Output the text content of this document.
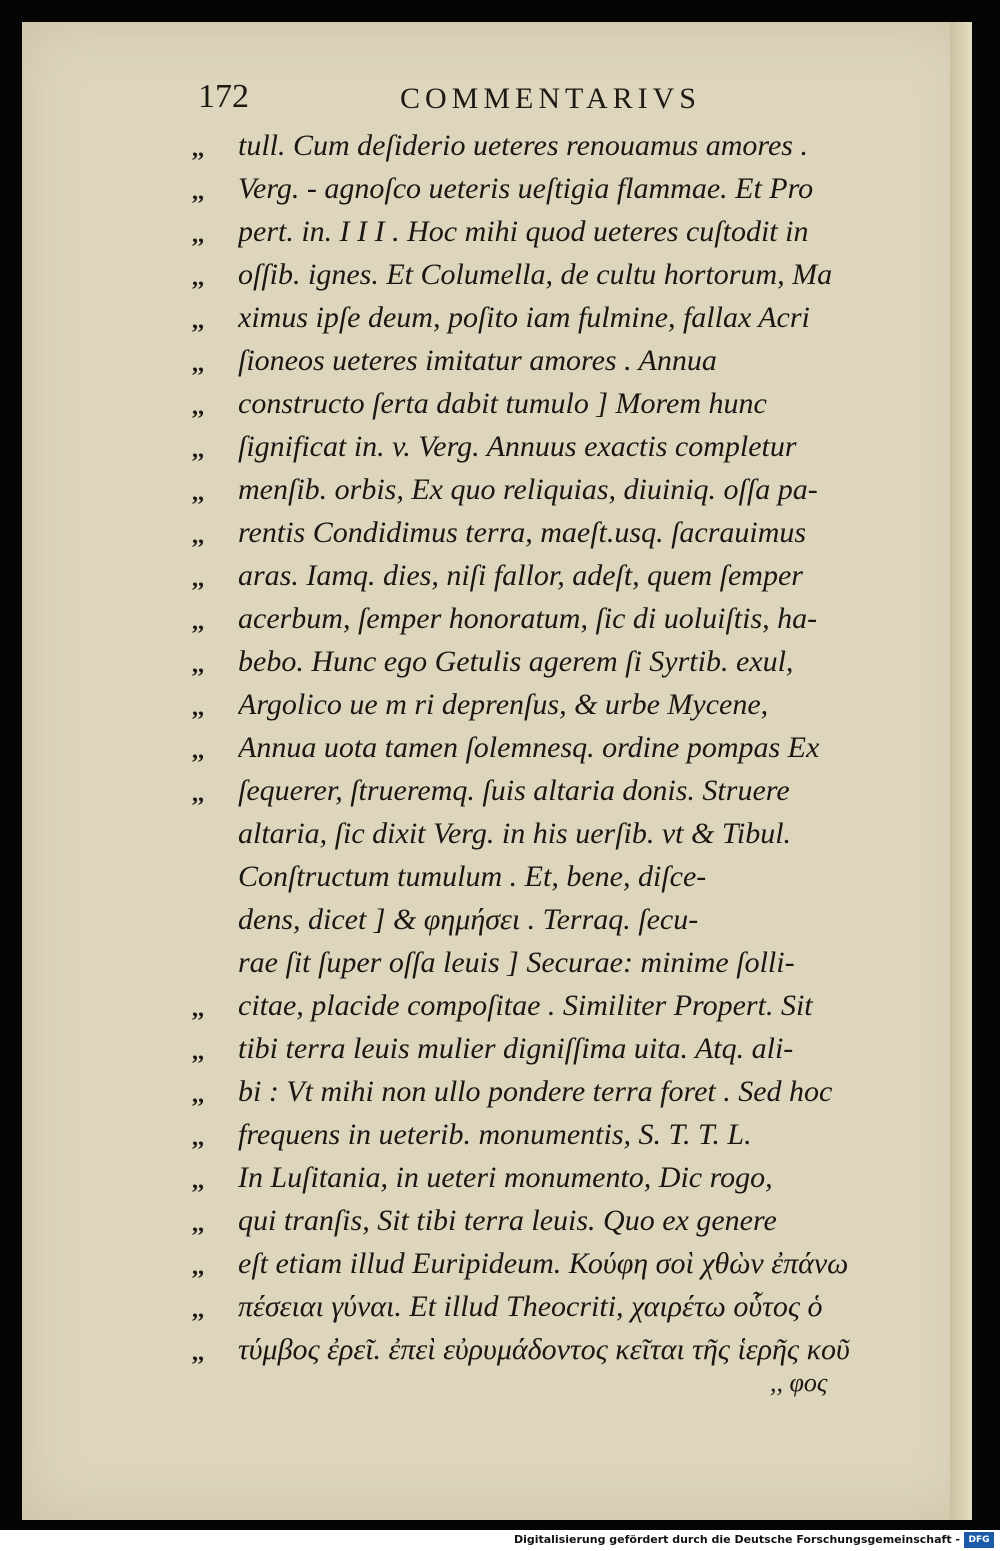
172	COMMENTARIVS
,,
,,
,,
,,
,,
,,
,,
,,
,,
,,
,,
,,
,,
,,
,,
,,
,,
,,
,,
,,
,,
,,
,,
,,
,,
tull. Cum deſiderio ueteres renouamus amores .
Verg. - agnoſco ueteris ueſtigia flammae. Et Pro
pert. in. I I I . Hoc mihi quod ueteres cuſtodit in
oſſib. ignes. Et Columella, de cultu hortorum, Ma
ximus ipſe deum, poſito iam fulmine, fallax Acri
ſioneos ueteres imitatur amores . Annua
constructo ſerta dabit tumulo ] Morem hunc
ſignificat in. v. Verg. Annuus exactis completur
menſib. orbis, Ex quo reliquias, diuiniq. oſſa pa-
rentis Condidimus terra, maeſt.usq. ſacrauimus
aras. Iamq. dies, niſi fallor, adeſt, quem ſemper
acerbum, ſemper honoratum, ſic di uoluiſtis, ha-
bebo. Hunc ego Getulis agerem ſi Syrtib. exul,
Argolico ue m ri deprenſus, & urbe Mycene,
Annua uota tamen ſolemnesq. ordine pompas Ex
ſequerer, ſtrueremq. ſuis altaria donis. Struere
altaria, ſic dixit Verg. in his uerſib. vt & Tibul.
Conſtructum tumulum . Et, bene, diſce-
dens, dicet ] & φημήσει . Terraq. ſecu-
rae ſit ſuper oſſa leuis ] Securae: minime ſolli-
citae, placide compoſitae . Similiter Propert. Sit
tibi terra leuis mulier digniſſima uita. Atq. ali-
bi : Vt mihi non ullo pondere terra foret . Sed hoc
frequens in ueterib. monumentis, S. T. T. L.
In Luſitania, in ueteri monumento, Dic rogo,
qui tranſis, Sit tibi terra leuis. Quo ex genere
eſt etiam illud Euripideum. Κούφη σοὶ χθὼν ἐπάνω
πέσειαι γύναι. Et illud Theocriti, χαιρέτω οὗτος ὁ
τύμβος ἐρεῖ. ἐπεὶ εὐρυμάδοντος κεῖται τῆς ἱερῆς κοῦ
,, φος
Digitalisierung gefördert durch die Deutsche Forschungsgemeinschaft - DFG
